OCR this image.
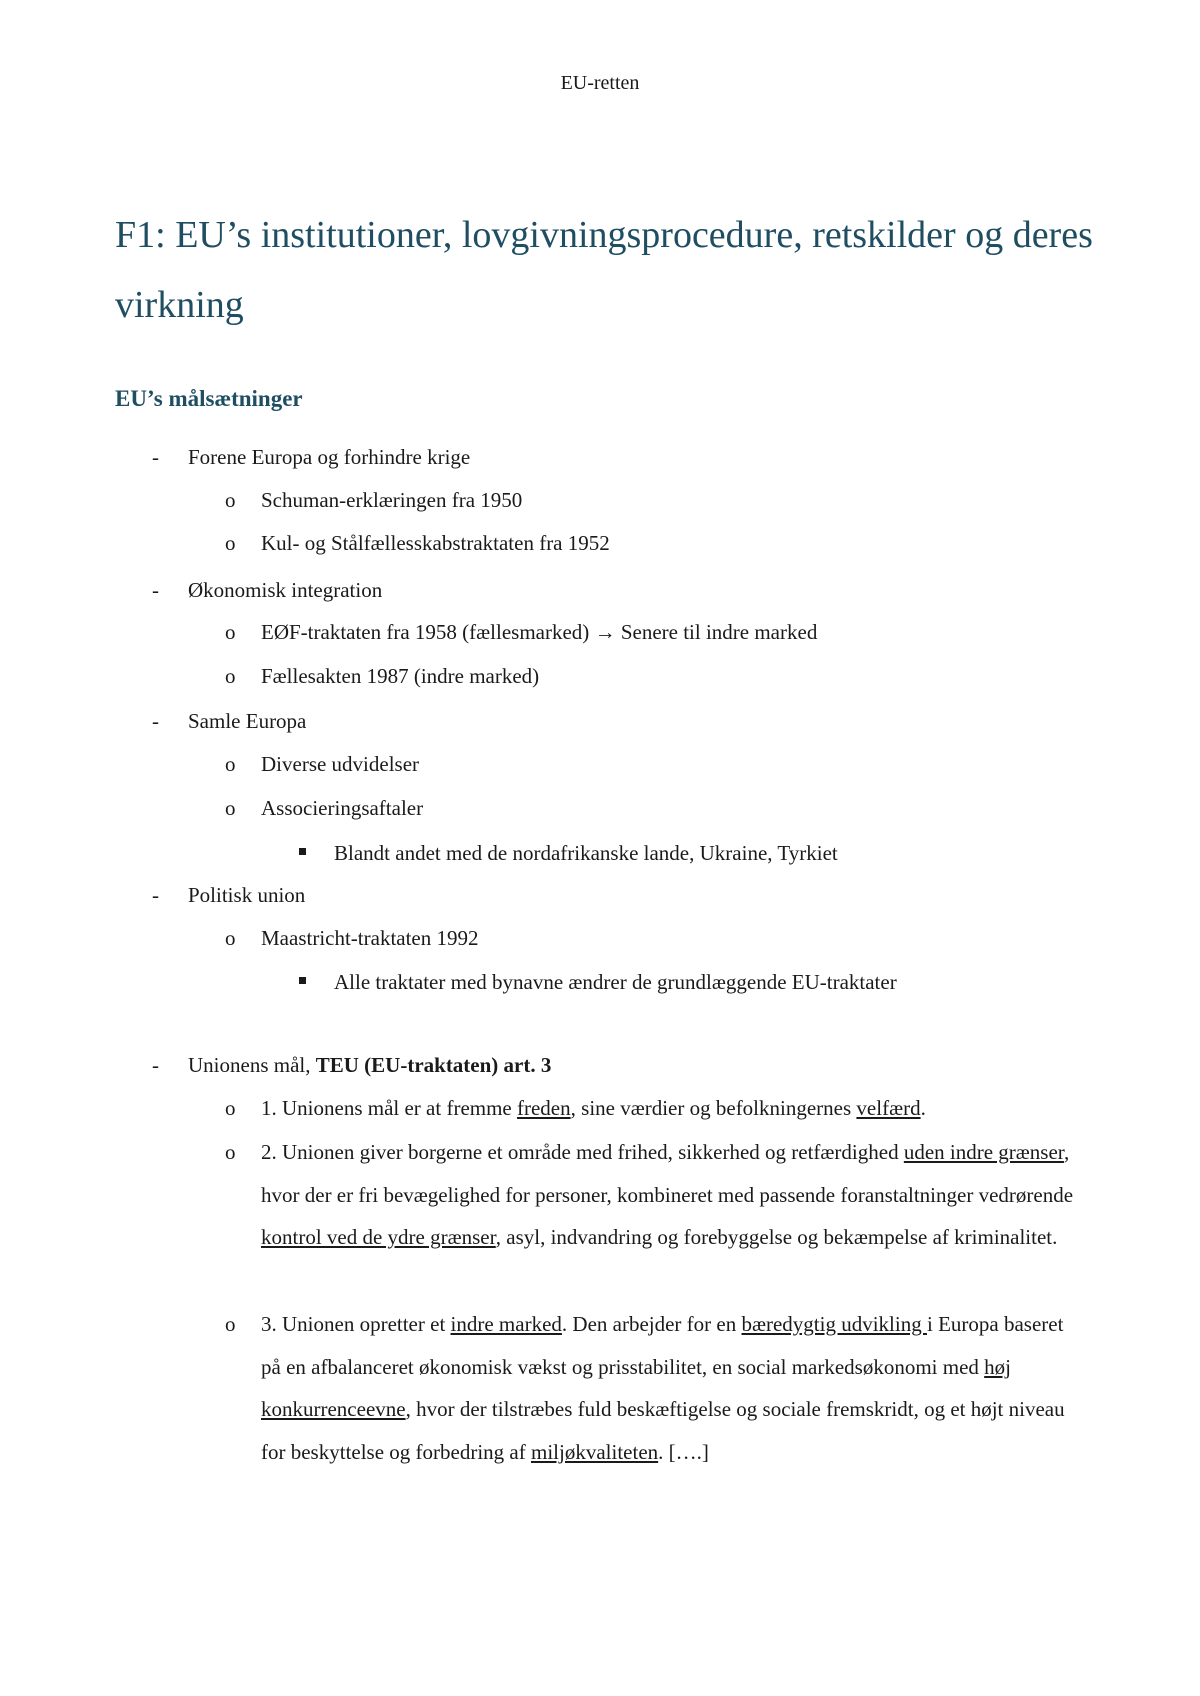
EU-retten
F1: EU’s institutioner, lovgivningsprocedure, retskilder og deres virkning
EU’s målsætninger
- Forene Europa og forhindre krige
o Schuman-erklæringen fra 1950
o Kul- og Stålfællesskabstraktaten fra 1952
- Økonomisk integration
o EØF-traktaten fra 1958 (fællesmarked) → Senere til indre marked
o Fællesakten 1987 (indre marked)
- Samle Europa
o Diverse udvidelser
o Associeringsaftaler
Blandt andet med de nordafrikanske lande, Ukraine, Tyrkiet
- Politisk union
o Maastricht-traktaten 1992
Alle traktater med bynavne ændrer de grundlæggende EU-traktater
- Unionens mål, TEU (EU-traktaten) art. 3
o 1. Unionens mål er at fremme freden, sine værdier og befolkningernes velfærd.
o 2. Unionen giver borgerne et område med frihed, sikkerhed og retfærdighed uden indre grænser, hvor der er fri bevægelighed for personer, kombineret med passende foranstaltninger vedrørende kontrol ved de ydre grænser, asyl, indvandring og forebyggelse og bekæmpelse af kriminalitet.
o 3. Unionen opretter et indre marked. Den arbejder for en bæredygtig udvikling i Europa baseret på en afbalanceret økonomisk vækst og prisstabilitet, en social markedsøkonomi med høj konkurrenceevne, hvor der tilstræbes fuld beskæftigelse og sociale fremskridt, og et højt niveau for beskyttelse og forbedring af miljøkvaliteten. [….]
